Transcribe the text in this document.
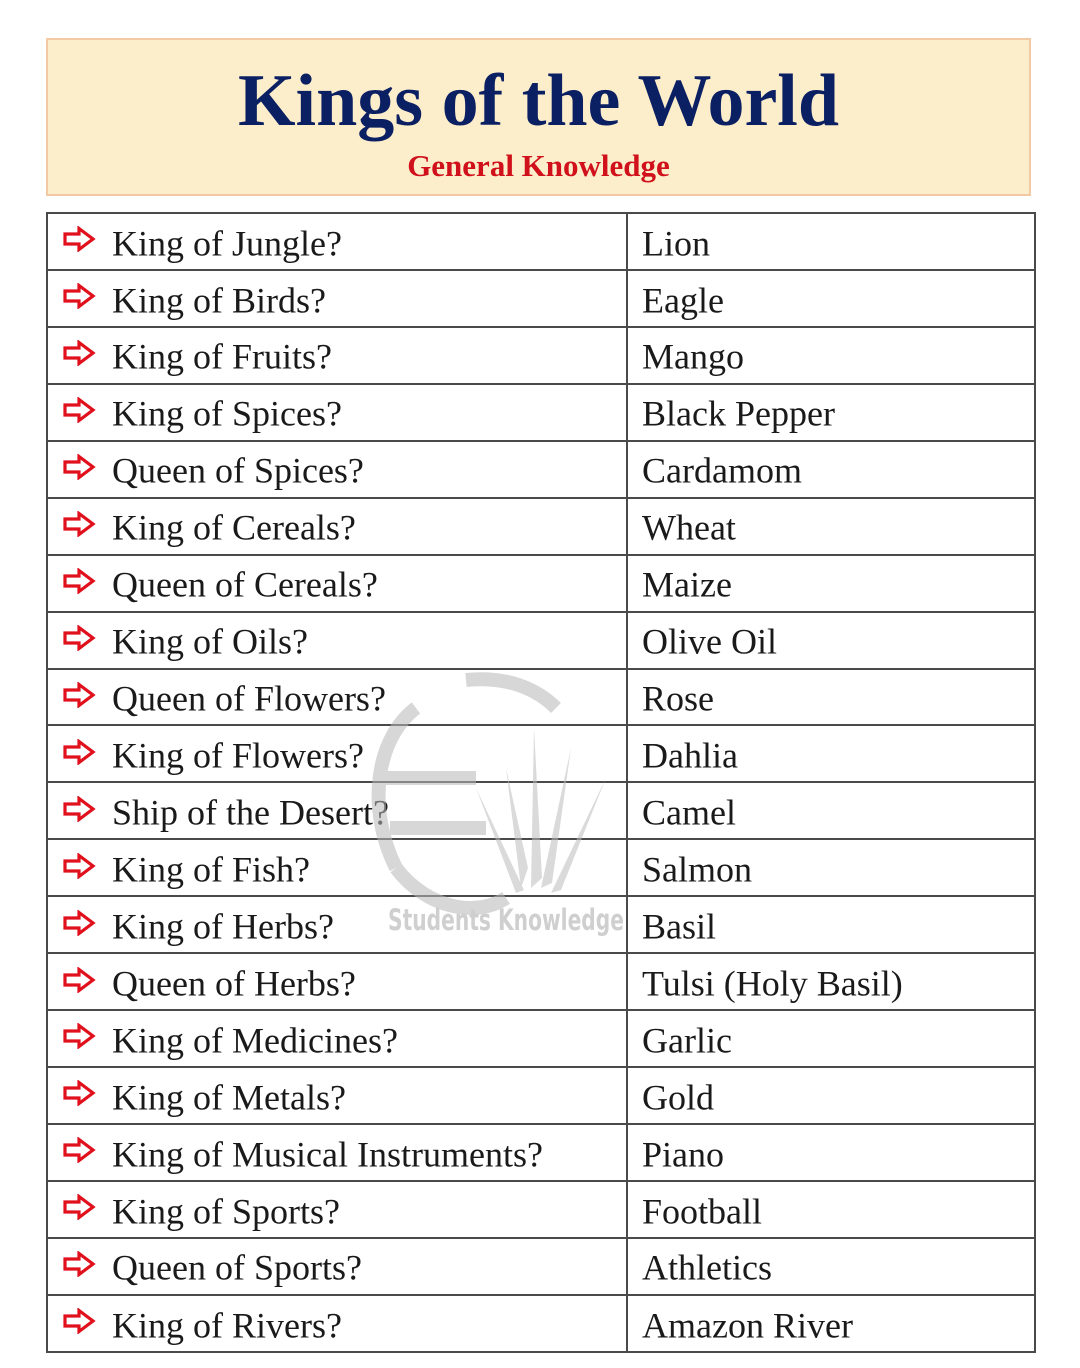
Kings of the World
General Knowledge
King of Jungle?	Lion
King of Birds?	Eagle
King of Fruits?	Mango
King of Spices?	Black Pepper
Queen of Spices?	Cardamom
King of Cereals?	Wheat
Queen of Cereals?	Maize
King of Oils?	Olive Oil
Queen of Flowers?	Rose
King of Flowers?	Dahlia
Ship of the Desert?	Camel
King of Fish?	Salmon
King of Herbs?	Basil
Queen of Herbs?	Tulsi (Holy Basil)
King of Medicines?	Garlic
King of Metals?	Gold
King of Musical Instruments?	Piano
King of Sports?	Football
Queen of Sports?	Athletics
King of Rivers?	Amazon River
Students Knowledge
